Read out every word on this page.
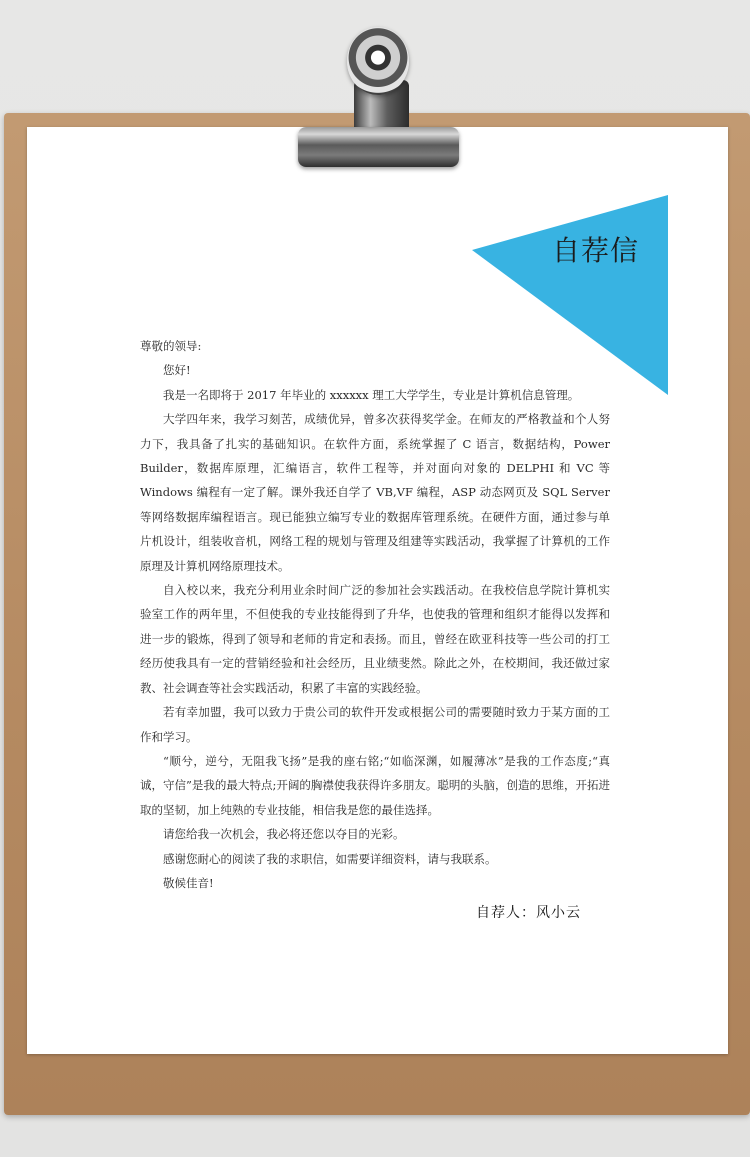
自荐信

尊敬的领导:

您好!

我是一名即将于 2017 年毕业的 xxxxxx 理工大学学生，专业是计算机信息管理。

大学四年来，我学习刻苦，成绩优异，曾多次获得奖学金。在师友的严格教益和个人努力下，我具备了扎实的基础知识。在软件方面，系统掌握了 C 语言，数据结构，Power Builder，数据库原理，汇编语言，软件工程等，并对面向对象的 DELPHI 和 VC 等 Windows 编程有一定了解。课外我还自学了 VB,VF 编程，ASP 动态网页及 SQL Server 等网络数据库编程语言。现已能独立编写专业的数据库管理系统。在硬件方面，通过参与单片机设计，组装收音机，网络工程的规划与管理及组建等实践活动，我掌握了计算机的工作原理及计算机网络原理技术。

自入校以来，我充分利用业余时间广泛的参加社会实践活动。在我校信息学院计算机实验室工作的两年里，不但使我的专业技能得到了升华，也使我的管理和组织才能得以发挥和进一步的锻炼，得到了领导和老师的肯定和表扬。而且，曾经在欧亚科技等一些公司的打工经历使我具有一定的营销经验和社会经历，且业绩斐然。除此之外，在校期间，我还做过家教、社会调查等社会实践活动，积累了丰富的实践经验。

若有幸加盟，我可以致力于贵公司的软件开发或根据公司的需要随时致力于某方面的工作和学习。

“顺兮，逆兮，无阻我飞扬”是我的座右铭;“如临深渊，如履薄冰”是我的工作态度;“真诚，守信”是我的最大特点;开阔的胸襟使我获得许多朋友。聪明的头脑，创造的思维，开拓进取的坚韧，加上纯熟的专业技能，相信我是您的最佳选择。

请您给我一次机会，我必将还您以夺目的光彩。

感谢您耐心的阅读了我的求职信，如需要详细资料，请与我联系。

敬候佳音!

自荐人：风小云
